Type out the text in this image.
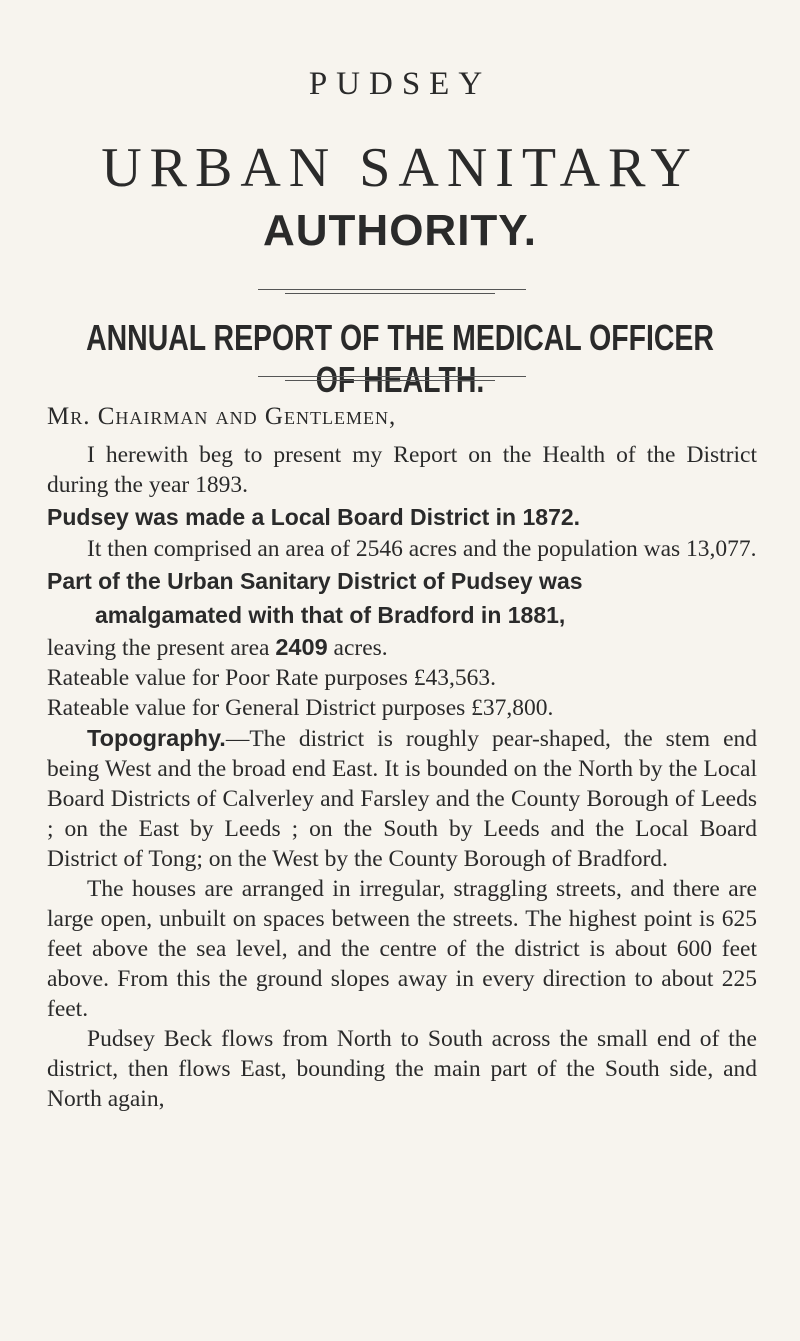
PUDSEY
URBAN SANITARY
AUTHORITY.
ANNUAL REPORT OF THE MEDICAL OFFICER OF HEALTH.

Mr. Chairman and Gentlemen,

I herewith beg to present my Report on the Health of the District during the year 1893.

Pudsey was made a Local Board District in 1872.

It then comprised an area of 2546 acres and the population was 13,077.

Part of the Urban Sanitary District of Pudsey was

amalgamated with that of Bradford in 1881,

leaving the present area 2409 acres.

Rateable value for Poor Rate purposes £43,563.

Rateable value for General District purposes £37,800.

Topography.—The district is roughly pear-shaped, the stem end being West and the broad end East. It is bounded on the North by the Local Board Districts of Calverley and Farsley and the County Borough of Leeds ; on the East by Leeds ; on the South by Leeds and the Local Board District of Tong; on the West by the County Borough of Bradford.

The houses are arranged in irregular, straggling streets, and there are large open, unbuilt on spaces between the streets. The highest point is 625 feet above the sea level, and the centre of the district is about 600 feet above. From this the ground slopes away in every direction to about 225 feet.

Pudsey Beck flows from North to South across the small end of the district, then flows East, bounding the main part of the South side, and North again,
